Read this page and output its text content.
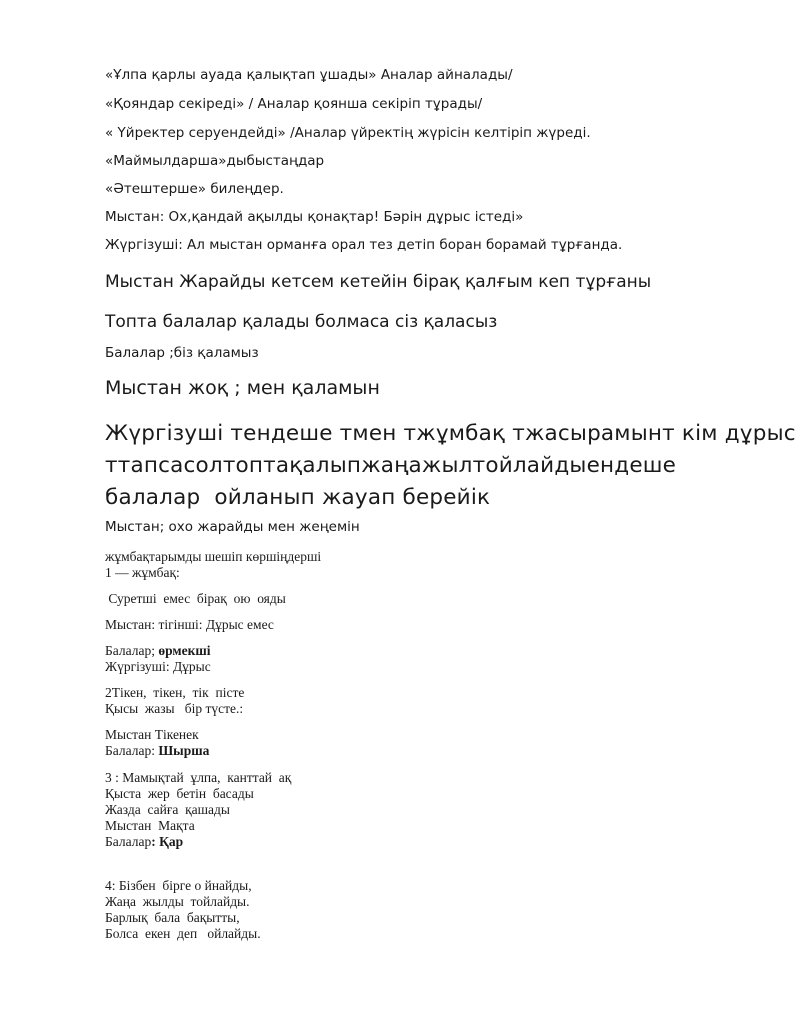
«Ұлпа қарлы ауада қалықтап ұшады» Аналар айналады/

«Қояндар секіреді» / Аналар қоянша секіріп тұрады/

« Үйректер серуендейді» /Аналар үйректің жүрісін келтіріп жүреді.

«Маймылдарша»дыбыстаңдар

«Әтештерше» билеңдер.

Мыстан: Ох,қандай ақылды қонақтар! Бәрін дұрыс істеді»

Жүргізуші: Ал мыстан орманға орал тез детіп боран борамай тұрғанда.

Мыстан Жарайды кетсем кетейін бірақ қалғым кеп тұрғаны

Топта балалар қалады болмаса сіз қаласыз

Балалар ;біз қаламыз

Мыстан жоқ ; мен қаламын

Жүргізуші тендеше тмен тжұмбақ тжасырамынт кім дұрыс

ттапса сол топта қалып жаңа жыл тойлайды ендеше

балалар  ойланып жауап берейік

Мыстан; охо жарайды мен жеңемін

жұмбақтарымды шешіп көршіңдерші

1 — жұмбақ:

Суретші  емес  бірақ  ою  ояды

Мыстан: тігінші: Дұрыс емес

Балалар; өрмекші

Жүргізуші: Дұрыс

2Тікен,  тікен,  тік  пісте

Қысы  жазы   бір түсте.:

Мыстан Тікенек

Балалар: Шырша

3 : Мамықтай  ұлпа,  канттай  ақ

Қыста  жер  бетін  басады

Жазда  сайға  қашады

Мыстан  Мақта

Балалар: Қар

4: Бізбен  бірге о йнайды,

Жаңа  жылды  тойлайды.

Барлық  бала  бақытты,

Болса  екен  деп   ойлайды.
